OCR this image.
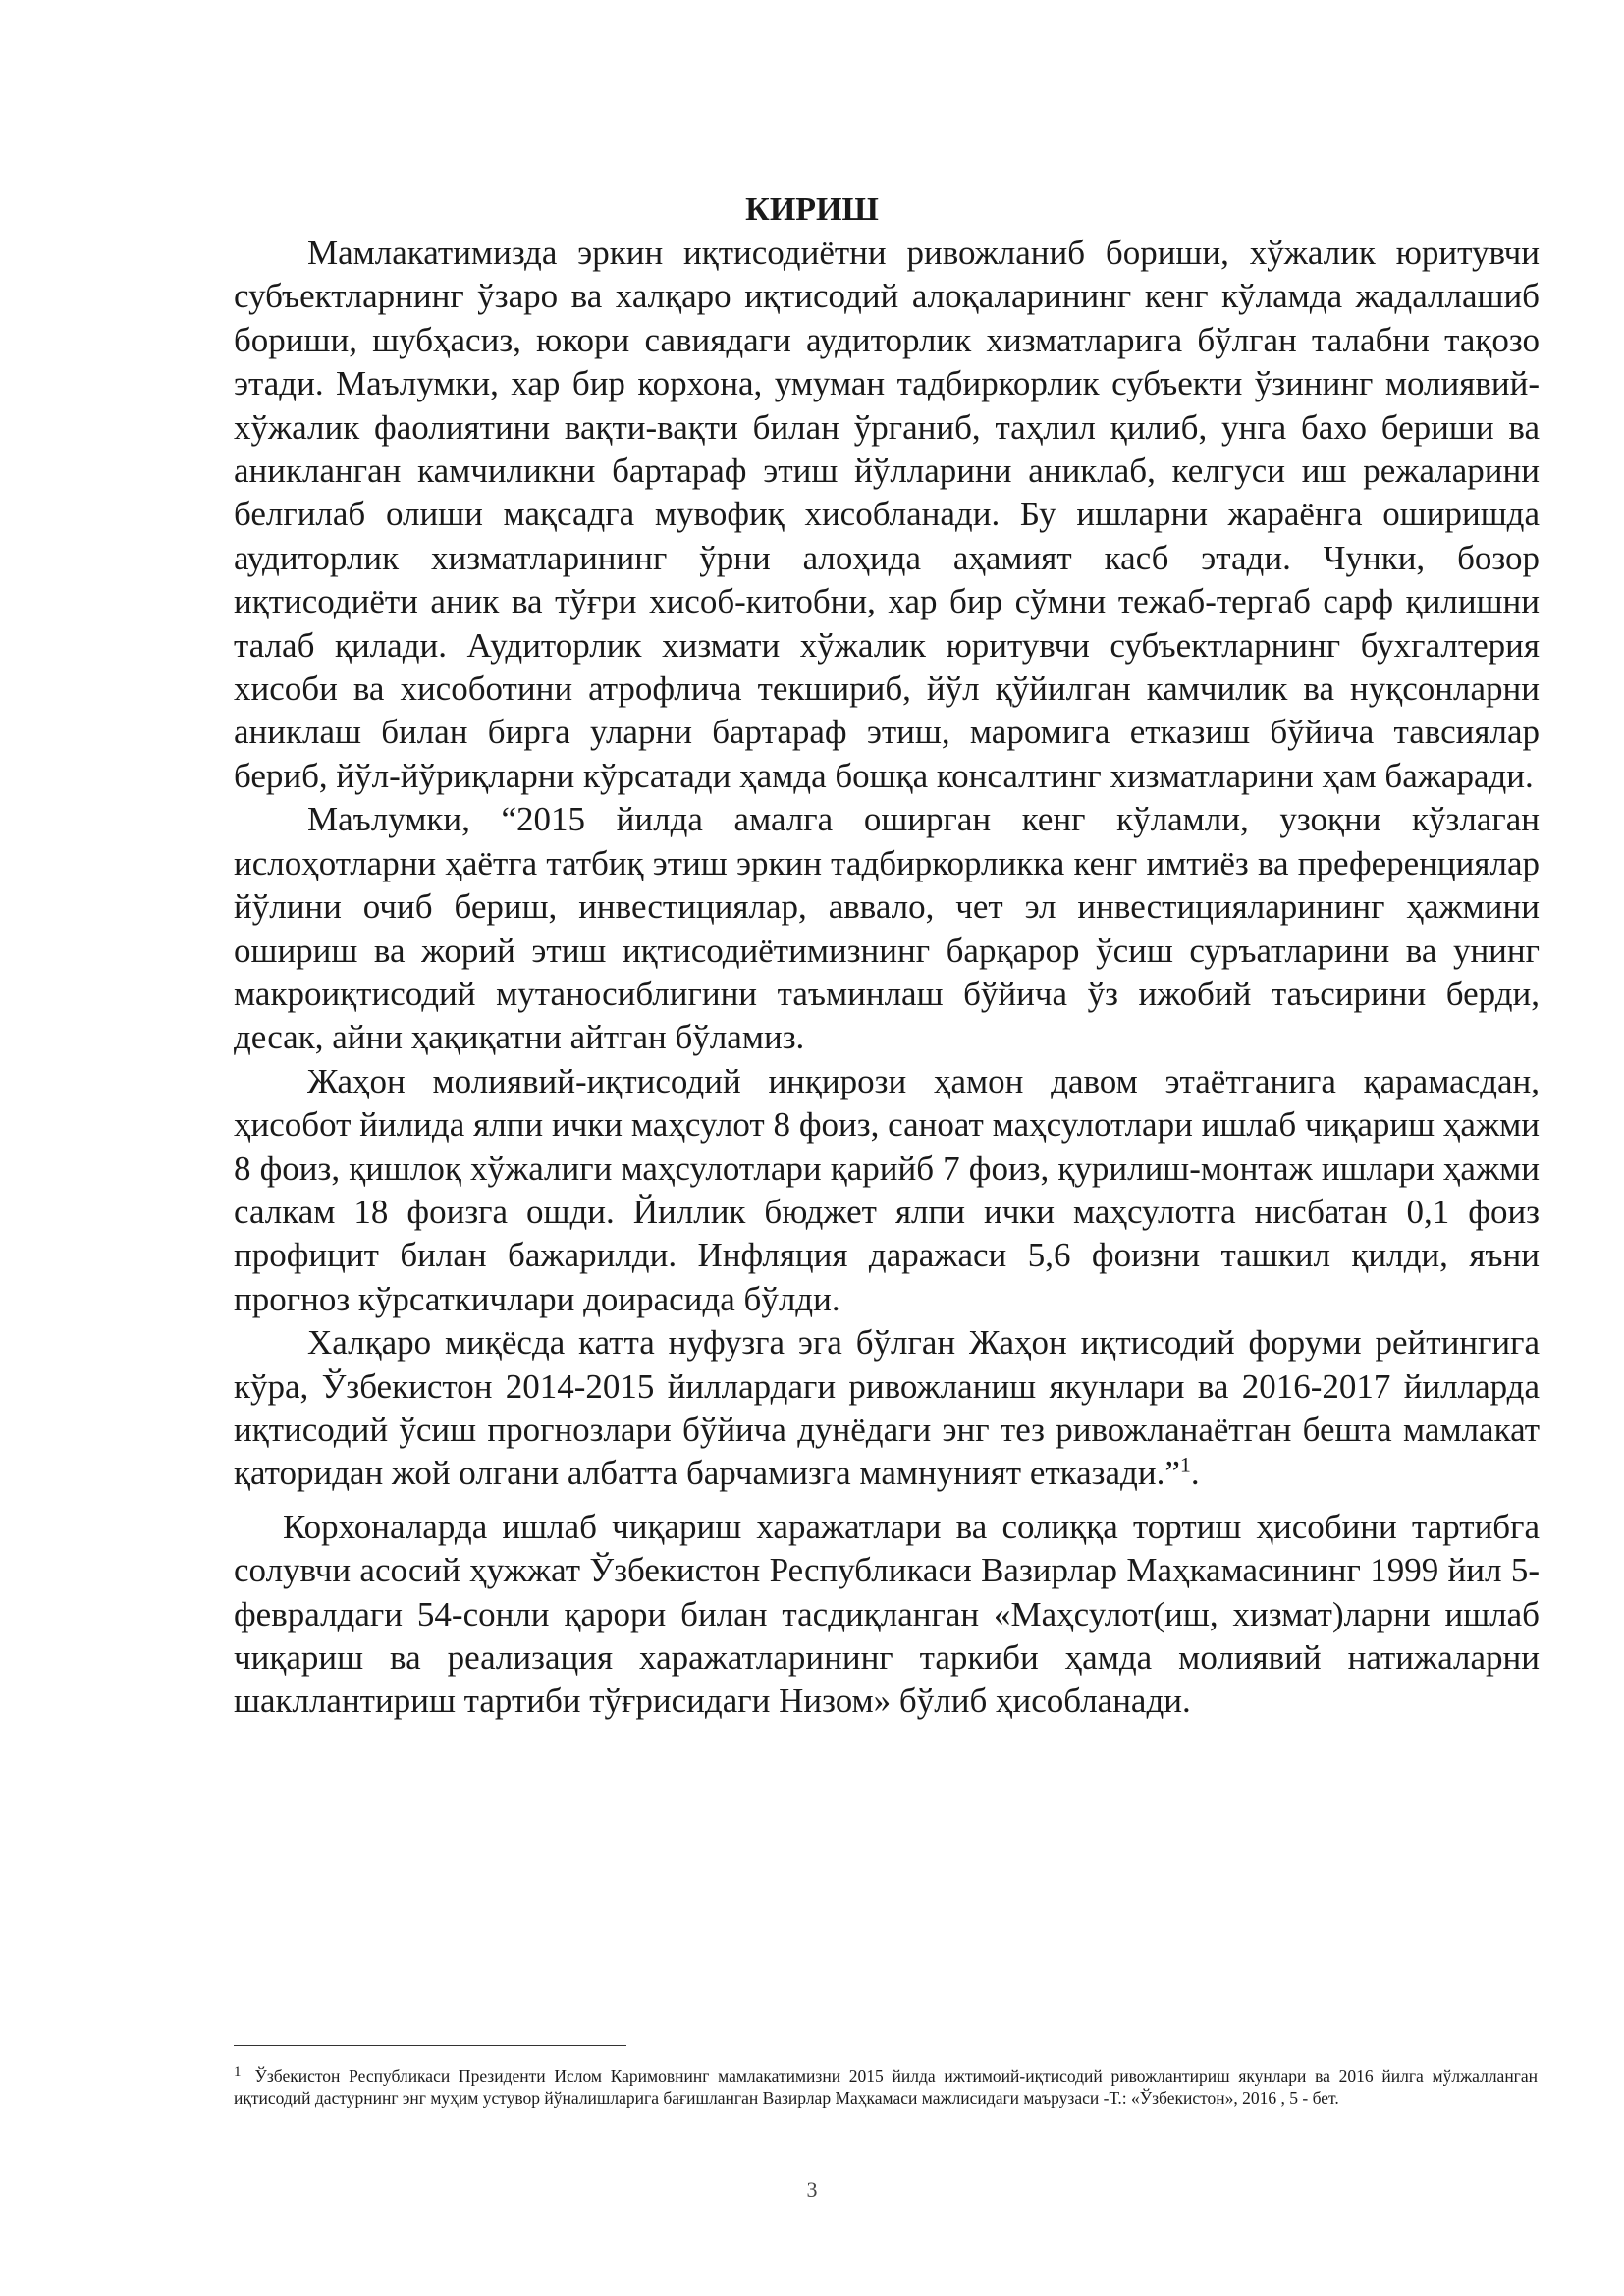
КИРИШ

Мамлакатимизда эркин иқтисодиётни ривожланиб бориши, хўжалик юритувчи субъектларнинг ўзаро ва халқаро иқтисодий алоқаларининг кенг кўламда жадаллашиб бориши, шубҳасиз, юкори савиядаги аудиторлик хизматларига бўлган талабни тақозо этади. Маълумки, хар бир корхона, умуман тадбиркорлик субъекти ўзининг молиявий-хўжалик фаолиятини вақти-вақти билан ўрганиб, таҳлил қилиб, унга бахо бериши ва аникланган камчиликни бартараф этиш йўлларини аниклаб, келгуси иш режаларини белгилаб олиши мақсадга мувофиқ хисобланади. Бу ишларни жараёнга оширишда аудиторлик хизматларининг ўрни алоҳида аҳамият касб этади. Чунки, бозор иқтисодиёти аник ва тўғри хисоб-китобни, хар бир сўмни тежаб-тергаб сарф қилишни талаб қилади. Аудиторлик хизмати хўжалик юритувчи субъектларнинг бухгалтерия хисоби ва хисоботини атрофлича текшириб, йўл қўйилган камчилик ва нуқсонларни аниклаш билан бирга уларни бартараф этиш, маромига етказиш бўйича тавсиялар бериб, йўл-йўриқларни кўрсатади ҳамда бошқа консалтинг хизматларини ҳам бажаради.

Маълумки, “2015 йилда амалга оширган кенг кўламли, узоқни кўзлаган ислоҳотларни ҳаётга татбиқ этиш эркин тадбиркорликка кенг имтиёз ва преференциялар йўлини очиб бериш, инвестициялар, аввало, чет эл инвестицияларининг ҳажмини ошириш ва жорий этиш иқтисодиётимизнинг барқарор ўсиш суръатларини ва унинг макроиқтисодий мутаносиблигини таъминлаш бўйича ўз ижобий таъсирини берди, десак, айни ҳақиқатни айтган бўламиз.

Жаҳон молиявий-иқтисодий инқирози ҳамон давом этаётганига қарамасдан, ҳисобот йилида ялпи ички маҳсулот 8 фоиз, саноат маҳсулотлари ишлаб чиқариш ҳажми 8 фоиз, қишлоқ хўжалиги маҳсулотлари қарийб 7 фоиз, қурилиш-монтаж ишлари ҳажми салкам 18 фоизга ошди. Йиллик бюджет ялпи ички маҳсулотга нисбатан 0,1 фоиз профицит билан бажарилди. Инфляция даражаси 5,6 фоизни ташкил қилди, яъни прогноз кўрсаткичлари доирасида бўлди.

Халқаро миқёсда катта нуфузга эга бўлган Жаҳон иқтисодий форуми рейтингига кўра, Ўзбекистон 2014-2015 йиллардаги ривожланиш якунлари ва 2016-2017 йилларда иқтисодий ўсиш прогнозлари бўйича дунёдаги энг тез ривожланаётган бешта мамлакат қаторидан жой олгани албатта барчамизга мамнуният етказади.”$^1$.

Корхоналарда ишлаб чиқариш харажатлари ва солиққа тортиш ҳисобини тартибга солувчи асосий ҳужжат Ўзбекистон Республикаси Вазирлар Маҳкамасининг 1999 йил 5-февралдаги 54-сонли қарори билан тасдиқланган «Маҳсулот(иш, хизмат)ларни ишлаб чиқариш ва реализация харажатларининг таркиби ҳамда молиявий натижаларни шакллантириш тартиби тўғрисидаги Низом» бўлиб ҳисобланади.

1 Ўзбекистон Республикаси Президенти Ислом Каримовнинг мамлакатимизни 2015 йилда ижтимоий-иқтисодий ривожлантириш якунлари ва 2016 йилга мўлжалланган иқтисодий дастурнинг энг муҳим устувор йўналишларига бағишланган Вазирлар Маҳкамаси мажлисидаги маърузаси -Т.: «Ўзбекистон», 2016 , 5 - бет.
3
